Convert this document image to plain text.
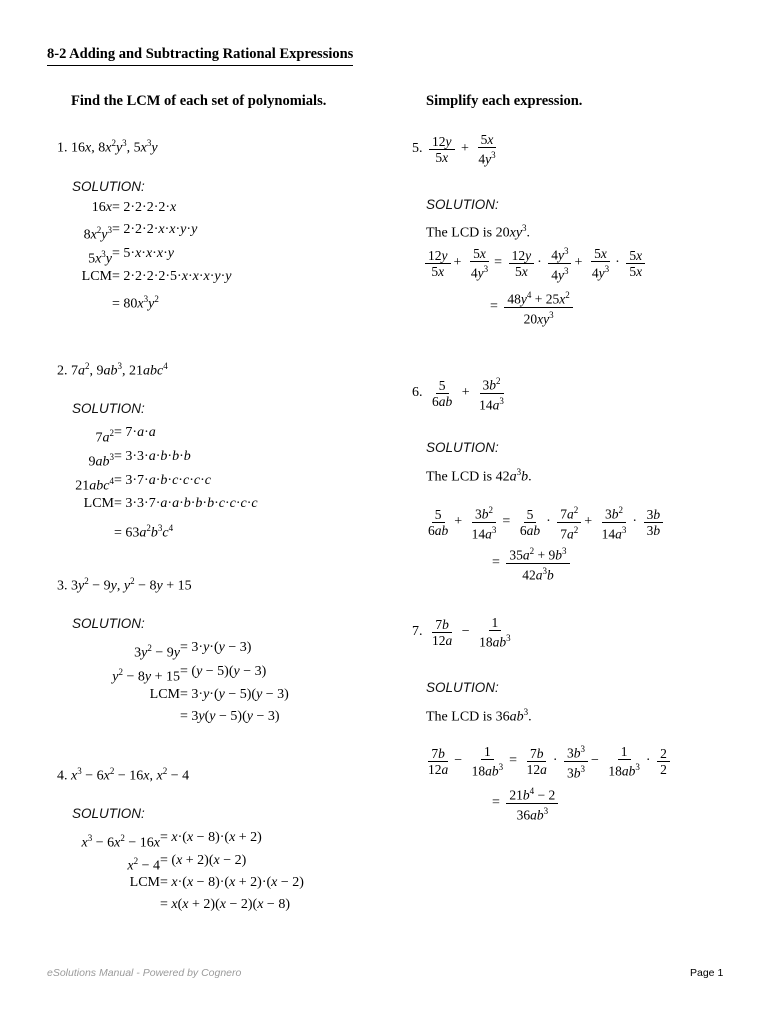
8-2 Adding and Subtracting Rational Expressions
Find the LCM of each set of polynomials.	Simplify each expression.
1. 16x, $8x^2y^3$, $5x^3y$
SOLUTION:
16x = 2·2·2·2·x
$8x^2y^3 = 2\cdot 2\cdot 2\cdot x\cdot x\cdot y\cdot y$
$5x^3y = 5\cdot x\cdot x\cdot x\cdot y$
LCM = 2·2·2·2·5·x·x·x·y·y
= $80x^3y^2$
2. $7a^2$, $9ab^3$, 21abc$^4$
SOLUTION:
$7a^2 = 7\cdot a\cdot a$
$9ab^3 = 3\cdot 3\cdot a\cdot b\cdot b\cdot b$
21abc$^4$ = 3·7·a·b·c·c·c·c
LCM = 3·3·7·a·a·b·b·b·c·c·c·c
= $63a^2b^3c^4$
3. $3y^2 - 9y$, $y^2 - 8y + 15$
SOLUTION:
$3y^2 - 9y = 3\cdot y\cdot(y - 3)$
$y^2 - 8y + 15 = (y - 5)(y - 3)$
LCM = 3·y·(y − 5)(y − 3)
= 3y(y − 5)(y − 3)
4. $x^3 - 6x^2 - 16x$, $x^2 - 4$
SOLUTION:
$x^3 - 6x^2 - 16x = x\cdot(x - 8)\cdot(x + 2)$
$x^2 - 4 = (x + 2)(x - 2)$
LCM = x·(x − 8)·(x + 2)·(x − 2)
= x(x + 2)(x − 2)(x − 8)
5. $\frac{12y}{5x} + \frac{5x}{4y^3}$
SOLUTION:
The LCD is $20xy^3$.
$\frac{12y}{5x} + \frac{5x}{4y^3} = \frac{12y}{5x} \cdot \frac{4y^3}{4y^3} + \frac{5x}{4y^3} \cdot \frac{5x}{5x}$
= $\frac{48y^4 + 25x^2}{20xy^3}$
6. $\frac{5}{6ab} + \frac{3b^2}{14a^3}$
SOLUTION:
The LCD is $42a^3b$.
$\frac{5}{6ab} + \frac{3b^2}{14a^3} = \frac{5}{6ab} \cdot \frac{7a^2}{7a^2} + \frac{3b^2}{14a^3} \cdot \frac{3b}{3b}$
= $\frac{35a^2 + 9b^3}{42a^3b}$
7. $\frac{7b}{12a} - \frac{1}{18ab^3}$
SOLUTION:
The LCD is $36ab^3$.
$\frac{7b}{12a} - \frac{1}{18ab^3} = \frac{7b}{12a} \cdot \frac{3b^3}{3b^3} - \frac{1}{18ab^3} \cdot \frac{2}{2}$
= $\frac{21b^4 - 2}{36ab^3}$
eSolutions Manual - Powered by Cognero	Page 1
